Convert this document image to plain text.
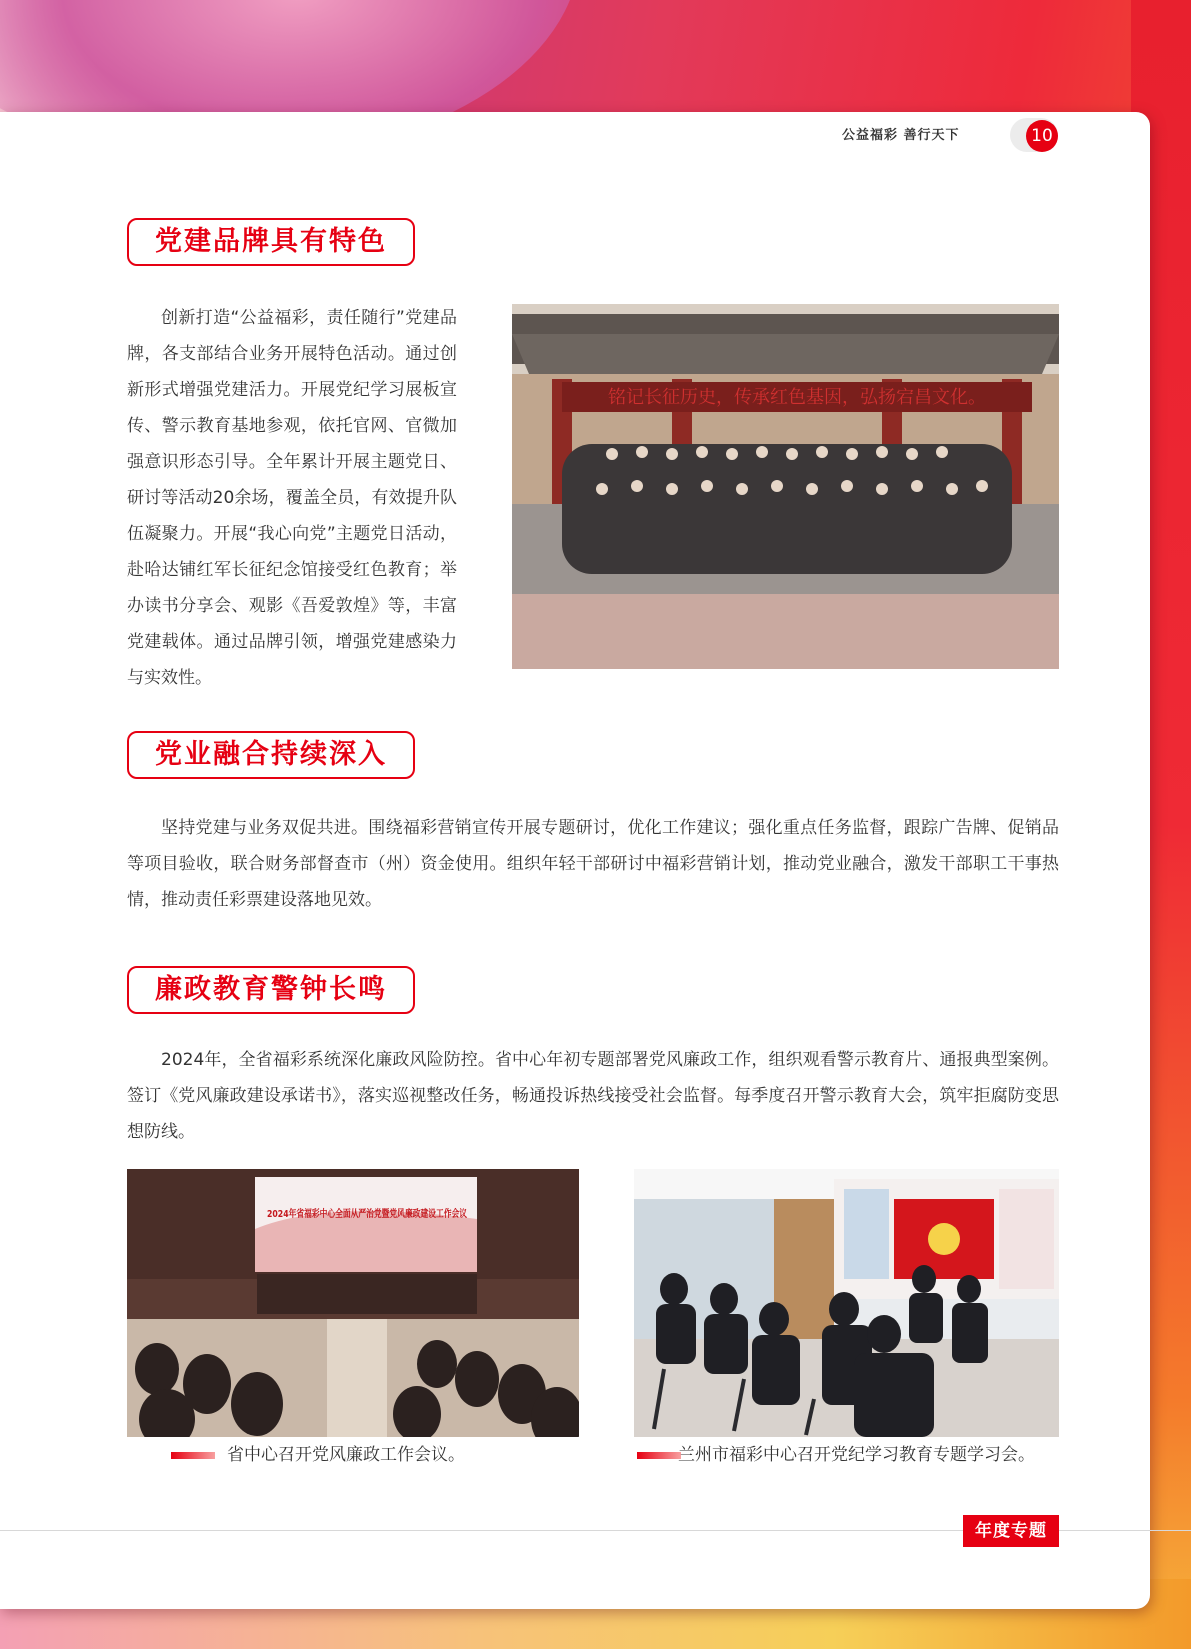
公益福彩 善行天下	10
党建品牌具有特色

创新打造“公益福彩，责任随行”党建品牌，各支部结合业务开展特色活动。通过创新形式增强党建活力。开展党纪学习展板宣传、警示教育基地参观，依托官网、官微加强意识形态引导。全年累计开展主题党日、研讨等活动20余场，覆盖全员，有效提升队伍凝聚力。开展“我心向党”主题党日活动，赴哈达铺红军长征纪念馆接受红色教育；举办读书分享会、观影《吾爱敦煌》等，丰富党建载体。通过品牌引领，增强党建感染力与实效性。

铭记长征历史，传承红色基因，弘扬宕昌文化。
党业融合持续深入

坚持党建与业务双促共进。围绕福彩营销宣传开展专题研讨，优化工作建议；强化重点任务监督，跟踪广告牌、促销品等项目验收，联合财务部督查市（州）资金使用。组织年轻干部研讨中福彩营销计划，推动党业融合，激发干部职工干事热情，推动责任彩票建设落地见效。

廉政教育警钟长鸣

2024年，全省福彩系统深化廉政风险防控。省中心年初专题部署党风廉政工作，组织观看警示教育片、通报典型案例。签订《党风廉政建设承诺书》，落实巡视整改任务，畅通投诉热线接受社会监督。每季度召开警示教育大会，筑牢拒腐防变思想防线。

2024年省福彩中心全面从严治党暨党风廉政建设工作会议
省中心召开党风廉政工作会议。	兰州市福彩中心召开党纪学习教育专题学习会。
年度专题
